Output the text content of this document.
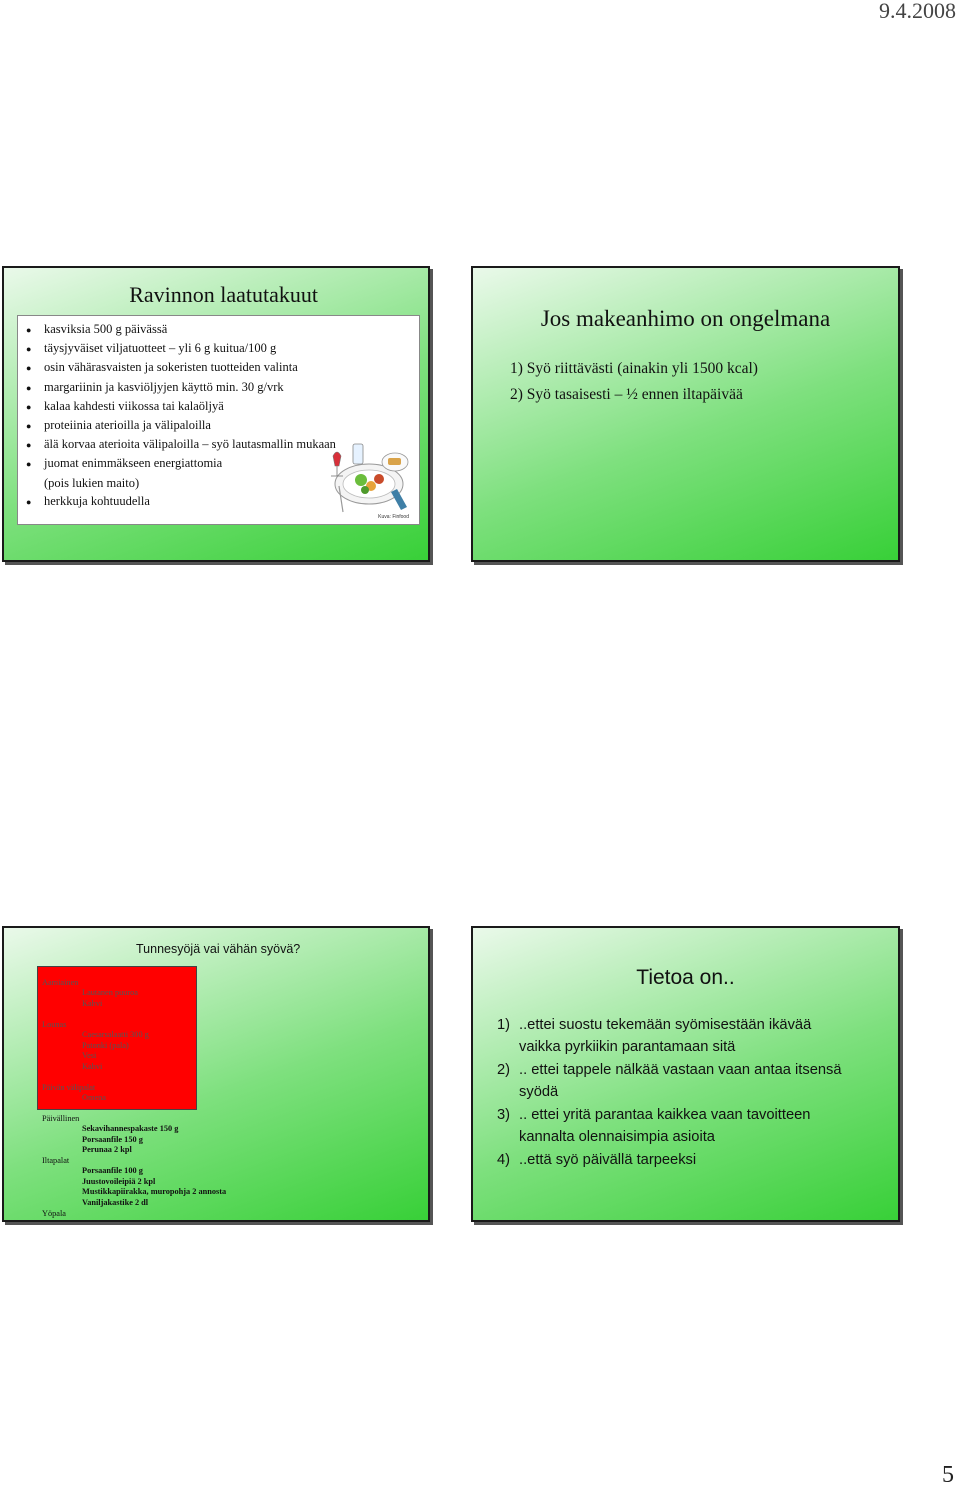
9.4.2008
Ravinnon laatutakuut
● kasviksia 500 g päivässä
● täysjyväiset viljatuotteet – yli 6 g kuitua/100 g
● osin vähärasvaisten ja sokeristen tuotteiden valinta
● margariinin ja kasviöljyjen käyttö min. 30 g/vrk
● kalaa kahdesti viikossa tai kalaöljyä
● proteiinia aterioilla ja välipaloilla
● älä korvaa aterioita välipaloilla – syö lautasmallin mukaan
● juomat enimmäkseen energiattomia
(pois lukien maito)
● herkkuja kohtuudella
Kuva: Finfood
Jos makeanhimo on ongelmana
1) Syö riittävästi (ainakin yli 1500 kcal)
2) Syö tasaisesti – ½ ennen iltapäivää
Tunnesyöjä vai vähän syövä?
Aamiainen
Lautanen puuroa
Kahvi
Lounas
Caesarsalaatti 300 g
Patonki (pala)
Vesi
Kahvi
Päivän välipalat
Omena
Päivällinen
Sekavihannespakaste 150 g
Porsaanfile 150 g
Perunaa 2 kpl
Iltapalat
Porsaanfile 100 g
Juustovoileipiä 2 kpl
Mustikkapiirakka, muropohja 2 annosta
Vaniljakastike 2 dl
Yöpala
Tietoa on..
1) ..ettei suostu tekemään syömisestään ikävää vaikka pyrkiikin parantamaan sitä
2) .. ettei tappele nälkää vastaan vaan antaa itsensä syödä
3) .. ettei yritä parantaa kaikkea vaan tavoitteen kannalta olennaisimpia asioita
4) ..että syö päivällä tarpeeksi
5
